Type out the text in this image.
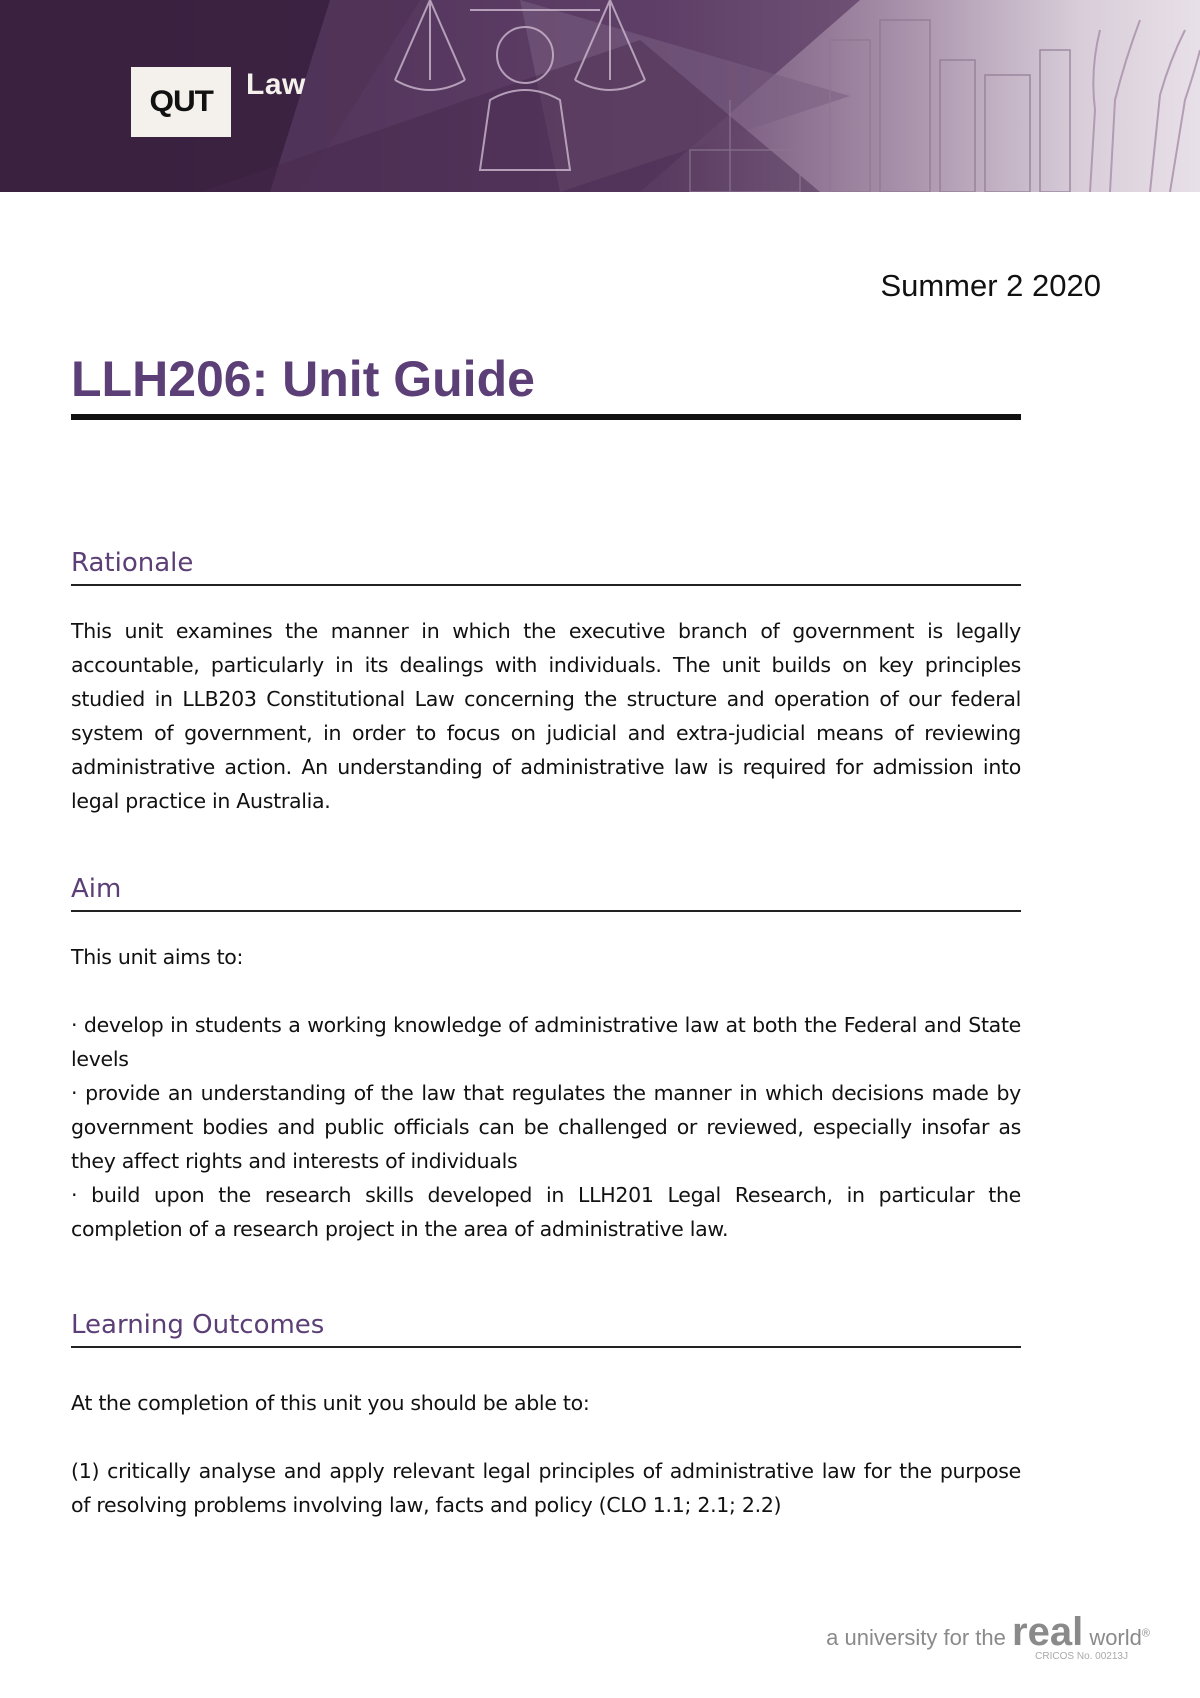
QUT
Law
Summer 2 2020
LLH206: Unit Guide
Rationale

This unit examines the manner in which the executive branch of government is legally accountable, particularly in its dealings with individuals. The unit builds on key principles studied in LLB203 Constitutional Law concerning the structure and operation of our federal system of government, in order to focus on judicial and extra-judicial means of reviewing administrative action. An understanding of administrative law is required for admission into legal practice in Australia.

Aim

This unit aims to:

· develop in students a working knowledge of administrative law at both the Federal and State levels

· provide an understanding of the law that regulates the manner in which decisions made by government bodies and public officials can be challenged or reviewed, especially insofar as they affect rights and interests of individuals

· build upon the research skills developed in LLH201 Legal Research, in particular the completion of a research project in the area of administrative law.

Learning Outcomes

At the completion of this unit you should be able to:

(1) critically analyse and apply relevant legal principles of administrative law for the purpose of resolving problems involving law, facts and policy (CLO 1.1; 2.1; 2.2)

a university for the real world®
CRICOS No. 00213J
